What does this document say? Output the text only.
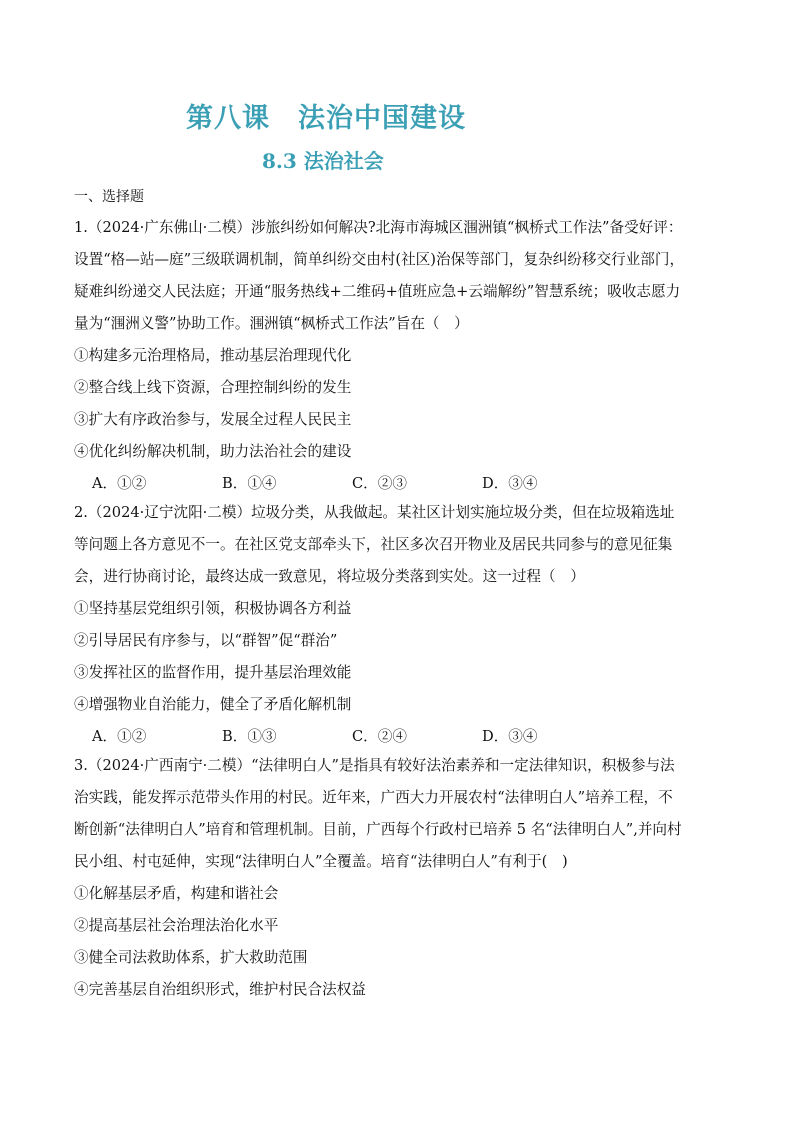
第八课　法治中国建设
8.3 法治社会
一、选择题

1.（2024·广东佛山·二模）涉旅纠纷如何解决?北海市海城区涠洲镇“枫桥式工作法”备受好评：

设置“格—站—庭”三级联调机制，简单纠纷交由村(社区)治保等部门，复杂纠纷移交行业部门，

疑难纠纷递交人民法庭；开通“服务热线+二维码+值班应急+云端解纷”智慧系统；吸收志愿力

量为“涠洲义警”协助工作。涠洲镇“枫桥式工作法”旨在（　）

①构建多元治理格局，推动基层治理现代化

②整合线上线下资源，合理控制纠纷的发生

③扩大有序政治参与，发展全过程人民民主

④优化纠纷解决机制，助力法治社会的建设

A．①②	B．①④	C．②③	D．③④

2.（2024·辽宁沈阳·二模）垃圾分类，从我做起。某社区计划实施垃圾分类，但在垃圾箱选址

等问题上各方意见不一。在社区党支部牵头下，社区多次召开物业及居民共同参与的意见征集

会，进行协商讨论，最终达成一致意见，将垃圾分类落到实处。这一过程（　）

①坚持基层党组织引领，积极协调各方利益

②引导居民有序参与，以“群智”促“群治”

③发挥社区的监督作用，提升基层治理效能

④增强物业自治能力，健全了矛盾化解机制

A．①②	B．①③	C．②④	D．③④

3.（2024·广西南宁·二模）“法律明白人”是指具有较好法治素养和一定法律知识，积极参与法

治实践，能发挥示范带头作用的村民。近年来，广西大力开展农村“法律明白人”培养工程，不

断创新“法律明白人”培育和管理机制。目前，广西每个行政村已培养 5 名“法律明白人”,并向村

民小组、村屯延伸，实现“法律明白人”全覆盖。培育“法律明白人”有利于(　)

①化解基层矛盾，构建和谐社会

②提高基层社会治理法治化水平

③健全司法救助体系，扩大救助范围

④完善基层自治组织形式，维护村民合法权益
